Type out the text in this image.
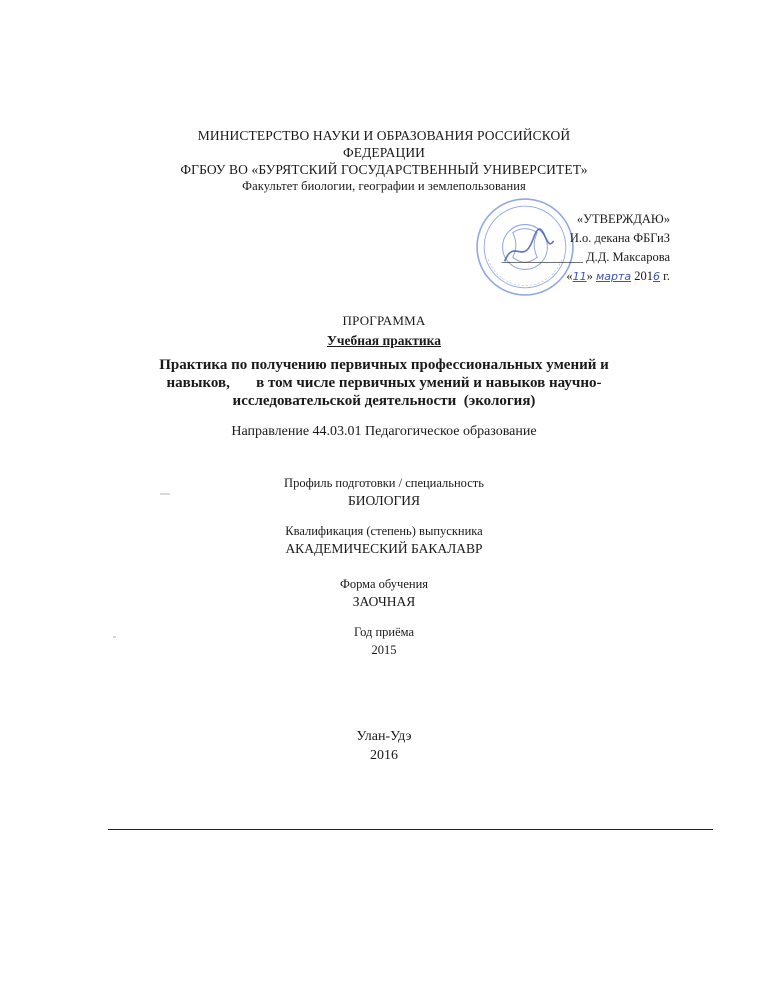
МИНИСТЕРСТВО НАУКИ И ОБРАЗОВАНИЯ РОССИЙСКОЙ
ФЕДЕРАЦИИ
ФГБОУ ВО «БУРЯТСКИЙ ГОСУДАРСТВЕННЫЙ УНИВЕРСИТЕТ»
Факультет биологии, географии и землепользования
«УТВЕРЖДАЮ»
И.о. декана ФБГиЗ
_____________ Д.Д. Максарова
«11» марта 2016 г.
ПРОГРАММА
Учебная практика
Практика по получению первичных профессиональных умений и
навыков,       в том числе первичных умений и навыков научно-
исследовательской деятельности  (экология)
Направление 44.03.01 Педагогическое образование
Профиль подготовки / специальность
БИОЛОГИЯ
Квалификация (степень) выпускника
АКАДЕМИЧЕСКИЙ БАКАЛАВР
Форма обучения
ЗАОЧНАЯ
Год приёма
2015
Улан-Удэ
2016
